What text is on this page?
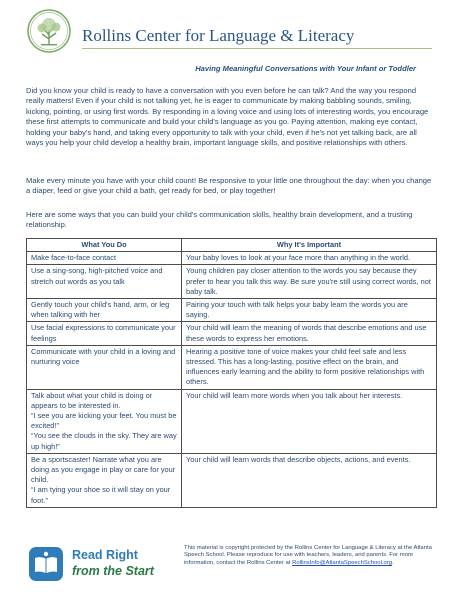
Rollins Center for Language & Literacy
Having Meaningful Conversations with Your Infant or Toddler

Did you know your child is ready to have a conversation with you even before he can talk? And the way you respond really matters! Even if your child is not talking yet, he is eager to communicate by making babbling sounds, smiling, kicking, pointing, or using first words. By responding in a loving voice and using lots of interesting words, you encourage these first attempts to communicate and build your child's language as you go. Paying attention, making eye contact, holding your baby's hand, and taking every opportunity to talk with your child, even if he's not yet talking back, are all ways you help your child develop a healthy brain, important language skills, and positive relationships with others.

Make every minute you have with your child count! Be responsive to your little one throughout the day: when you change a diaper, feed or give your child a bath, get ready for bed, or play together!

Here are some ways that you can build your child's communication skills, healthy brain development, and a trusting relationship.

What You Do	Why It's Important

Make face-to-face contact	Your baby loves to look at your face more than anything in the world.

Use a sing-song, high-pitched voice and stretch out words as you talk	Young children pay closer attention to the words you say because they prefer to hear you talk this way. Be sure you're still using correct words, not baby talk.

Gently touch your child's hand, arm, or leg when talking with her	Pairing your touch with talk helps your baby learn the words you are saying.

Use facial expressions to communicate your feelings	Your child will learn the meaning of words that describe emotions and use these words to express her emotions.

Communicate with your child in a loving and nurturing voice	Hearing a positive tone of voice makes your child feel safe and less stressed. This has a long-lasting, positive effect on the brain, and influences early learning and the ability to form positive relationships with others.

Talk about what your child is doing or appears to be interested in.
“I see you are kicking your feet. You must be excited!”
“You see the clouds in the sky. They are way up high!”	Your child will learn more words when you talk about her interests.

Be a sportscaster! Narrate what you are doing as you engage in play or care for your child.
“I am tying your shoe so it will stay on your foot.”	Your child will learn words that describe objects, actions, and events.
Read Right
from the Start
This material is copyright protected by the Rollins Center for Language & Literacy at the Atlanta Speech School. Please reproduce for use with teachers, leaders, and parents. For more information, contact the Rollins Center at RollinsInfo@AtlantaSpeechSchool.org.
